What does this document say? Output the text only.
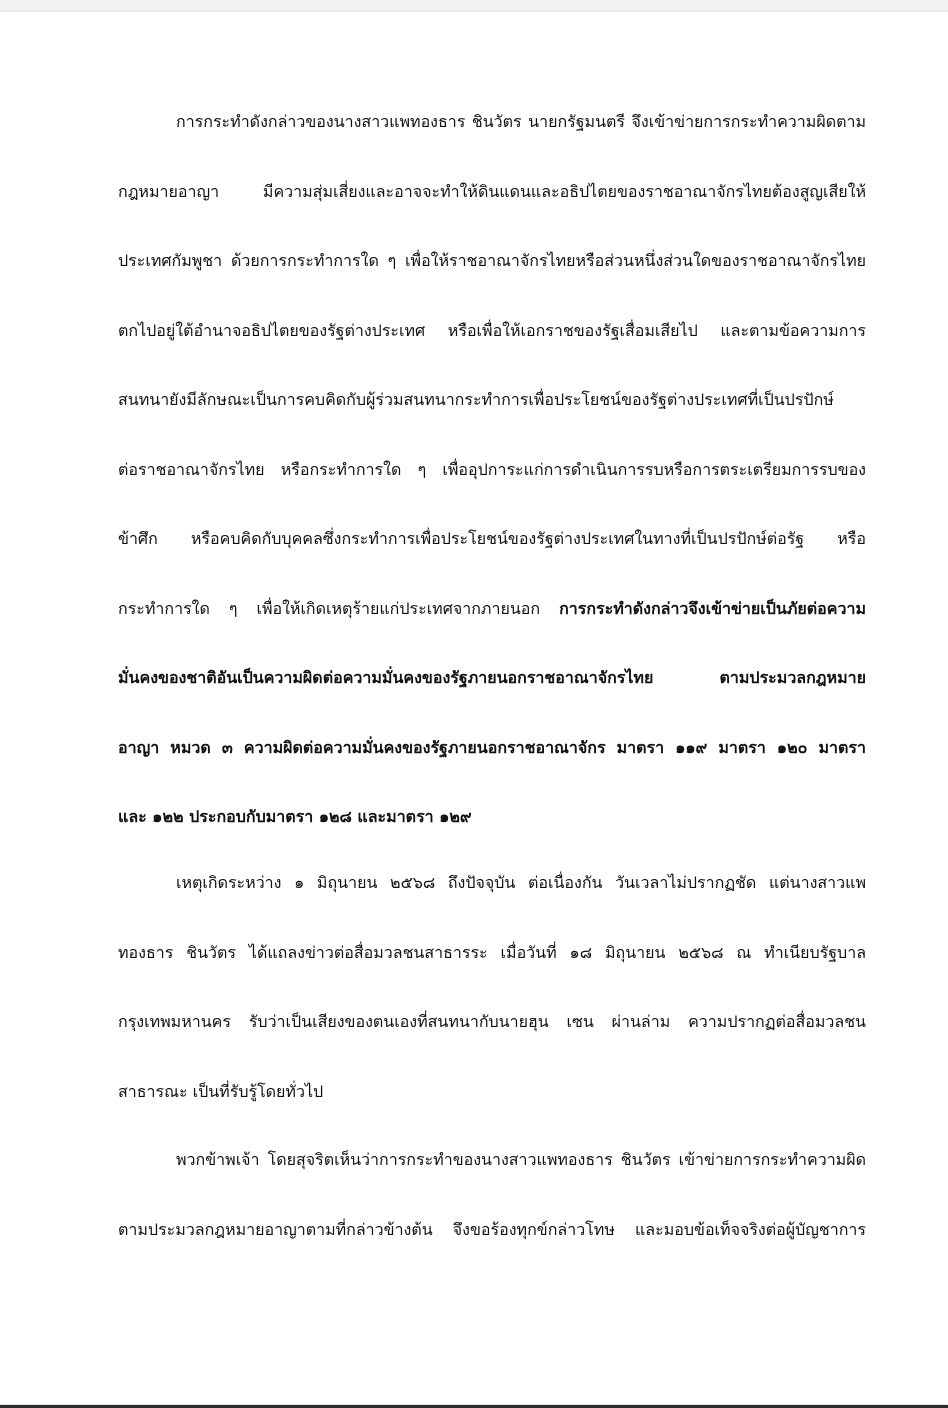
การกระทำดังกล่าวของนางสาวแพทองธาร ชินวัตร นายกรัฐมนตรี จึงเข้าข่ายการกระทำความผิดตาม
กฎหมายอาญา มีความสุ่มเสี่ยงและอาจจะทำให้ดินแดนและอธิปไตยของราชอาณาจักรไทยต้องสูญเสียให้
ประเทศกัมพูชา ด้วยการกระทำการใด ๆ เพื่อให้ราชอาณาจักรไทยหรือส่วนหนึ่งส่วนใดของราชอาณาจักรไทย
ตกไปอยู่ใต้อำนาจอธิปไตยของรัฐต่างประเทศ หรือเพื่อให้เอกราชของรัฐเสื่อมเสียไป และตามข้อความการ
สนทนายังมีลักษณะเป็นการคบคิดกับผู้ร่วมสนทนากระทำการเพื่อประโยชน์ของรัฐต่างประเทศที่เป็นปรปักษ์
ต่อราชอาณาจักรไทย หรือกระทำการใด ๆ เพื่ออุปการะแก่การดำเนินการรบหรือการตระเตรียมการรบของ
ข้าศึก หรือคบคิดกับบุคคลซึ่งกระทำการเพื่อประโยชน์ของรัฐต่างประเทศในทางที่เป็นปรปักษ์ต่อรัฐ หรือ
กระทำการใด ๆ เพื่อให้เกิดเหตุร้ายแก่ประเทศจากภายนอก การกระทำดังกล่าวจึงเข้าข่ายเป็นภัยต่อความ
มั่นคงของชาติอันเป็นความผิดต่อความมั่นคงของรัฐภายนอกราชอาณาจักรไทย ตามประมวลกฎหมาย
อาญา หมวด ๓ ความผิดต่อความมั่นคงของรัฐภายนอกราชอาณาจักร มาตรา ๑๑๙ มาตรา ๑๒๐ มาตรา
และ ๑๒๒ ประกอบกับมาตรา ๑๒๘ และมาตรา ๑๒๙
เหตุเกิดระหว่าง ๑ มิถุนายน ๒๕๖๘ ถึงปัจจุบัน ต่อเนื่องกัน วันเวลาไม่ปรากฏชัด แต่นางสาวแพ
ทองธาร ชินวัตร ได้แถลงข่าวต่อสื่อมวลชนสาธารระ เมื่อวันที่ ๑๘ มิถุนายน ๒๕๖๘ ณ ทำเนียบรัฐบาล
กรุงเทพมหานคร รับว่าเป็นเสียงของตนเองที่สนทนากับนายฮุน เซน ผ่านล่าม ความปรากฏต่อสื่อมวลชน
สาธารณะ เป็นที่รับรู้โดยทั่วไป
พวกข้าพเจ้า โดยสุจริตเห็นว่าการกระทำของนางสาวแพทองธาร ชินวัตร เข้าข่ายการกระทำความผิด
ตามประมวลกฎหมายอาญาตามที่กล่าวข้างต้น จึงขอร้องทุกข์กล่าวโทษ และมอบข้อเท็จจริงต่อผู้บัญชาการ
